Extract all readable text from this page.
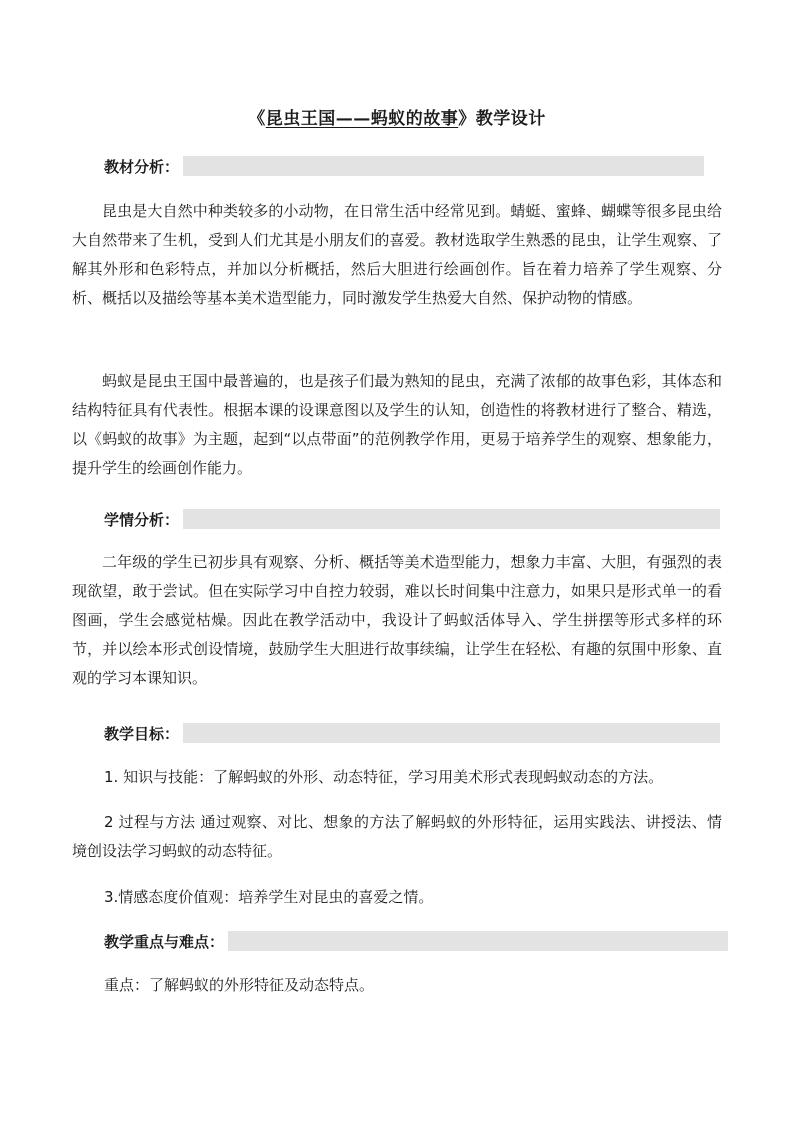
《昆虫王国——蚂蚁的故事》教学设计
教材分析：

昆虫是大自然中种类较多的小动物，在日常生活中经常见到。蜻蜓、蜜蜂、蝴蝶等很多昆虫给大自然带来了生机，受到人们尤其是小朋友们的喜爱。教材选取学生熟悉的昆虫，让学生观察、了解其外形和色彩特点，并加以分析概括，然后大胆进行绘画创作。旨在着力培养了学生观察、分析、概括以及描绘等基本美术造型能力，同时激发学生热爱大自然、保护动物的情感。

蚂蚁是昆虫王国中最普遍的，也是孩子们最为熟知的昆虫，充满了浓郁的故事色彩，其体态和结构特征具有代表性。根据本课的设课意图以及学生的认知，创造性的将教材进行了整合、精选，以《蚂蚁的故事》为主题，起到“以点带面”的范例教学作用，更易于培养学生的观察、想象能力，提升学生的绘画创作能力。

学情分析：

二年级的学生已初步具有观察、分析、概括等美术造型能力，想象力丰富、大胆，有强烈的表现欲望，敢于尝试。但在实际学习中自控力较弱，难以长时间集中注意力，如果只是形式单一的看图画，学生会感觉枯燥。因此在教学活动中，我设计了蚂蚁活体导入、学生拼摆等形式多样的环节，并以绘本形式创设情境，鼓励学生大胆进行故事续编，让学生在轻松、有趣的氛围中形象、直观的学习本课知识。

教学目标：

1. 知识与技能：了解蚂蚁的外形、动态特征，学习用美术形式表现蚂蚁动态的方法。

2 过程与方法 通过观察、对比、想象的方法了解蚂蚁的外形特征，运用实践法、讲授法、情境创设法学习蚂蚁的动态特征。

3.情感态度价值观：培养学生对昆虫的喜爱之情。

教学重点与难点：

重点：了解蚂蚁的外形特征及动态特点。
